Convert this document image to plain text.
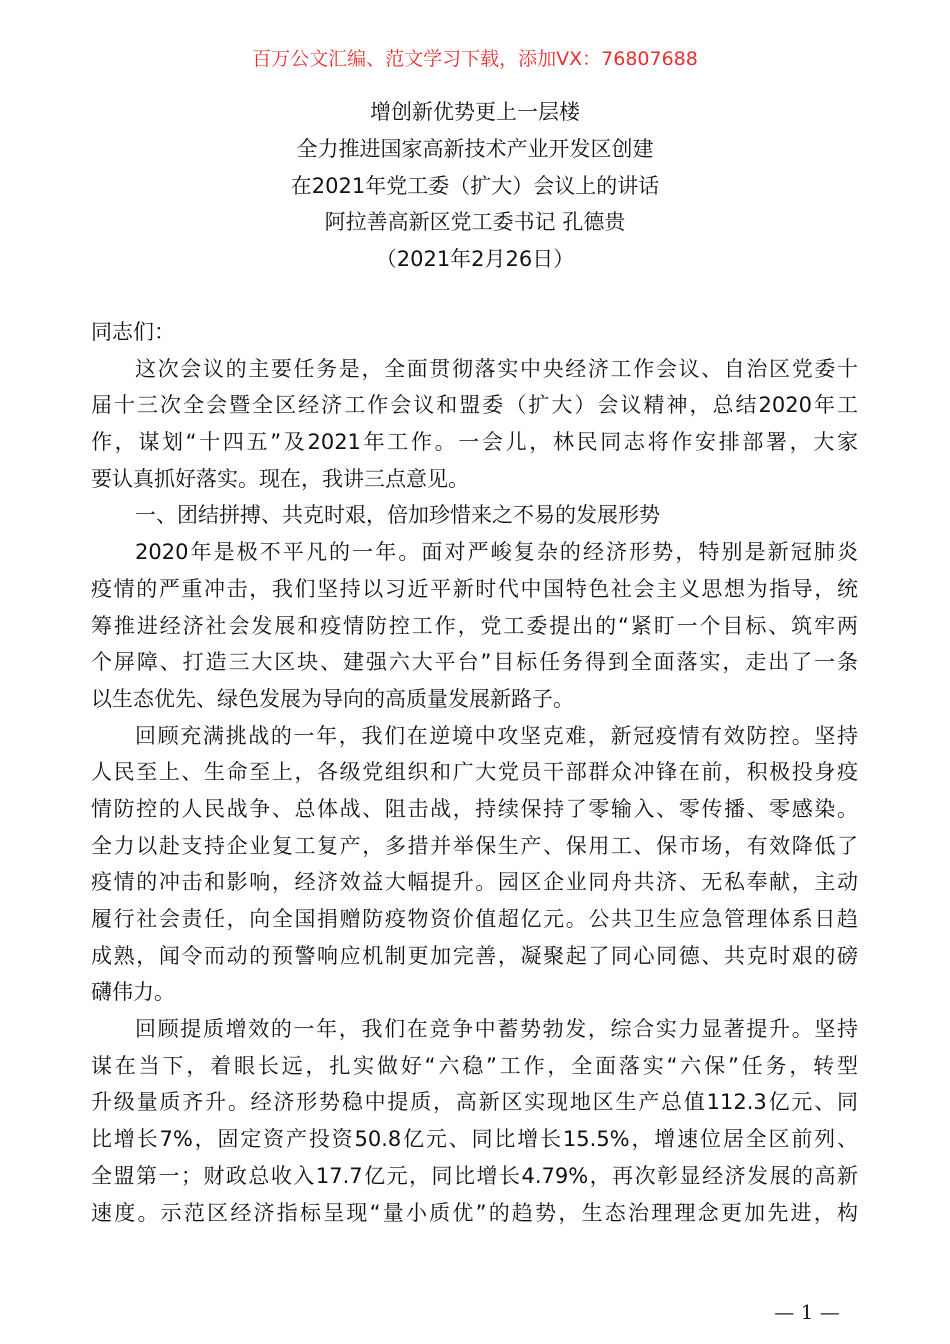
百万公文汇编、范文学习下载，添加VX：76807688
增创新优势更上一层楼
全力推进国家高新技术产业开发区创建
在2021年党工委（扩大）会议上的讲话
阿拉善高新区党工委书记 孔德贵
（2021年2月26日）
同志们：
这次会议的主要任务是，全面贯彻落实中央经济工作会议、自治区党委十
届十三次全会暨全区经济工作会议和盟委（扩大）会议精神，总结2020年工
作，谋划“十四五”及2021年工作。一会儿，林民同志将作安排部署，大家
要认真抓好落实。现在，我讲三点意见。
一、团结拼搏、共克时艰，倍加珍惜来之不易的发展形势
2020年是极不平凡的一年。面对严峻复杂的经济形势，特别是新冠肺炎
疫情的严重冲击，我们坚持以习近平新时代中国特色社会主义思想为指导，统
筹推进经济社会发展和疫情防控工作，党工委提出的“紧盯一个目标、筑牢两
个屏障、打造三大区块、建强六大平台”目标任务得到全面落实，走出了一条
以生态优先、绿色发展为导向的高质量发展新路子。
回顾充满挑战的一年，我们在逆境中攻坚克难，新冠疫情有效防控。坚持
人民至上、生命至上，各级党组织和广大党员干部群众冲锋在前，积极投身疫
情防控的人民战争、总体战、阻击战，持续保持了零输入、零传播、零感染。
全力以赴支持企业复工复产，多措并举保生产、保用工、保市场，有效降低了
疫情的冲击和影响，经济效益大幅提升。园区企业同舟共济、无私奉献，主动
履行社会责任，向全国捐赠防疫物资价值超亿元。公共卫生应急管理体系日趋
成熟，闻令而动的预警响应机制更加完善，凝聚起了同心同德、共克时艰的磅
礴伟力。
回顾提质增效的一年，我们在竞争中蓄势勃发，综合实力显著提升。坚持
谋在当下，着眼长远，扎实做好“六稳”工作，全面落实“六保”任务，转型
升级量质齐升。经济形势稳中提质，高新区实现地区生产总值112.3亿元、同
比增长7%，固定资产投资50.8亿元、同比增长15.5%，增速位居全区前列、
全盟第一；财政总收入17.7亿元，同比增长4.79%，再次彰显经济发展的高新
速度。示范区经济指标呈现“量小质优”的趋势，生态治理理念更加先进，构
— 1 —
